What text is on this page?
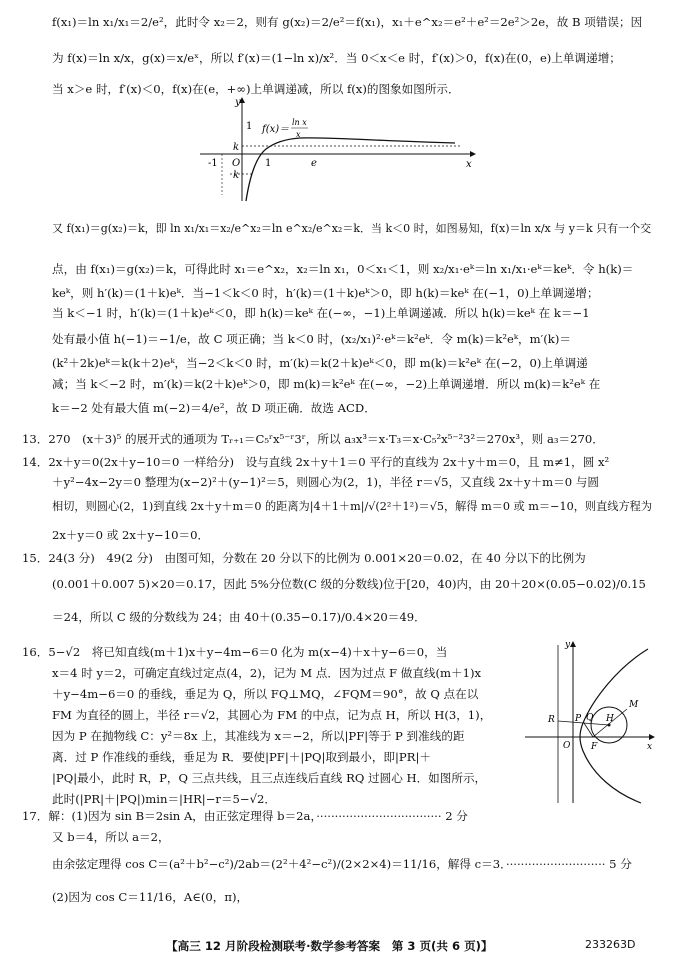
f(x₁)＝ln x₁/x₁＝2/e²，此时令 x₂＝2，则有 g(x₂)＝2/e²＝f(x₁)，x₁＋e^x₂＝e²＋e²＝2e²＞2e，故 B 项错误；因
为 f(x)＝ln x/x，g(x)＝x/eˣ，所以 f′(x)＝(1−ln x)/x²．当 0＜x＜e 时，f′(x)＞0，f(x)在(0，e)上单调递增；
当 x＞e 时，f′(x)＜0，f(x)在(e，+∞)上单调递减，所以 f(x)的图象如图所示．
y
x
O
1
1
-1	e
k
k
f(x)＝
ln x
x
又 f(x₁)＝g(x₂)＝k，即 ln x₁/x₁＝x₂/e^x₂＝ln e^x₂/e^x₂＝k．当 k＜0 时，如图易知，f(x)＝ln x/x 与 y＝k 只有一个交
点，由 f(x₁)＝g(x₂)＝k，可得此时 x₁＝e^x₂，x₂＝ln x₁，0＜x₁＜1，则 x₂/x₁·eᵏ＝ln x₁/x₁·eᵏ＝keᵏ．令 h(k)＝
keᵏ，则 h′(k)＝(1＋k)eᵏ．当−1＜k＜0 时，h′(k)＝(1＋k)eᵏ＞0，即 h(k)＝keᵏ 在(−1，0)上单调递增；
当 k＜−1 时，h′(k)＝(1＋k)eᵏ＜0，即 h(k)＝keᵏ 在(−∞，−1)上单调递减．所以 h(k)＝keᵏ 在 k＝−1
处有最小值 h(−1)＝−1/e，故 C 项正确；当 k＜0 时，(x₂/x₁)²·eᵏ＝k²eᵏ．令 m(k)＝k²eᵏ，m′(k)＝
(k²＋2k)eᵏ＝k(k＋2)eᵏ，当−2＜k＜0 时，m′(k)＝k(2＋k)eᵏ＜0，即 m(k)＝k²eᵏ 在(−2，0)上单调递
减；当 k＜−2 时，m′(k)＝k(2＋k)eᵏ＞0，即 m(k)＝k²eᵏ 在(−∞，−2)上单调递增．所以 m(k)＝k²eᵏ 在
k＝−2 处有最大值 m(−2)＝4/e²，故 D 项正确．故选 ACD．
13．270　(x＋3)⁵ 的展开式的通项为 Tᵣ₊₁＝C₅ʳx⁵⁻ʳ3ʳ，所以 a₃x³＝x·T₃＝x·C₅²x⁵⁻²3²＝270x³，则 a₃＝270．
14．2x＋y＝0(2x＋y−10＝0 一样给分)　设与直线 2x＋y＋1＝0 平行的直线为 2x＋y＋m＝0，且 m≠1，圆 x²
＋y²−4x−2y＝0 整理为(x−2)²＋(y−1)²＝5，则圆心为(2，1)，半径 r＝√5，又直线 2x＋y＋m＝0 与圆
相切，则圆心(2，1)到直线 2x＋y＋m＝0 的距离为|4＋1＋m|/√(2²＋1²)＝√5，解得 m＝0 或 m＝−10，则直线方程为
2x＋y＝0 或 2x＋y−10＝0．
15．24(3 分)　49(2 分)　由图可知，分数在 20 分以下的比例为 0.001×20＝0.02，在 40 分以下的比例为
(0.001＋0.007 5)×20＝0.17，因此 5%分位数(C 级的分数线)位于[20，40)内，由 20＋20×(0.05−0.02)/0.15
＝24，所以 C 级的分数线为 24；由 40＋(0.35−0.17)/0.4×20＝49．
16．5−√2　将已知直线(m＋1)x＋y−4m−6＝0 化为 m(x−4)＋x＋y−6＝0，当
x＝4 时 y＝2，可确定直线过定点(4，2)，记为 M 点．因为过点 F 做直线(m＋1)x
＋y−4m−6＝0 的垂线，垂足为 Q，所以 FQ⊥MQ，∠FQM＝90°，故 Q 点在以
FM 为直径的圆上，半径 r＝√2，其圆心为 FM 的中点，记为点 H，所以 H(3，1)，
因为 P 在抛物线 C：y²＝8x 上，其准线为 x＝−2，所以|PF|等于 P 到准线的距
离．过 P 作准线的垂线，垂足为 R．要使|PF|＋|PQ|取到最小，即|PR|＋
|PQ|最小，此时 R，P，Q 三点共线，且三点连线后直线 RQ 过圆心 H．如图所示，
此时(|PR|＋|PQ|)min＝|HR|−r＝5−√2．
y
x
O
R P Q H
F
M
17．解：(1)因为 sin B＝2sin A，由正弦定理得 b＝2a，·································· 2 分
又 b＝4，所以 a＝2，
由余弦定理得 cos C＝(a²＋b²−c²)/2ab＝(2²＋4²−c²)/(2×2×4)＝11/16，解得 c＝3．··························· 5 分
(2)因为 cos C＝11/16，A∈(0，π)，
【高三 12 月阶段检测联考·数学参考答案　第 3 页(共 6 页)】	233263D
